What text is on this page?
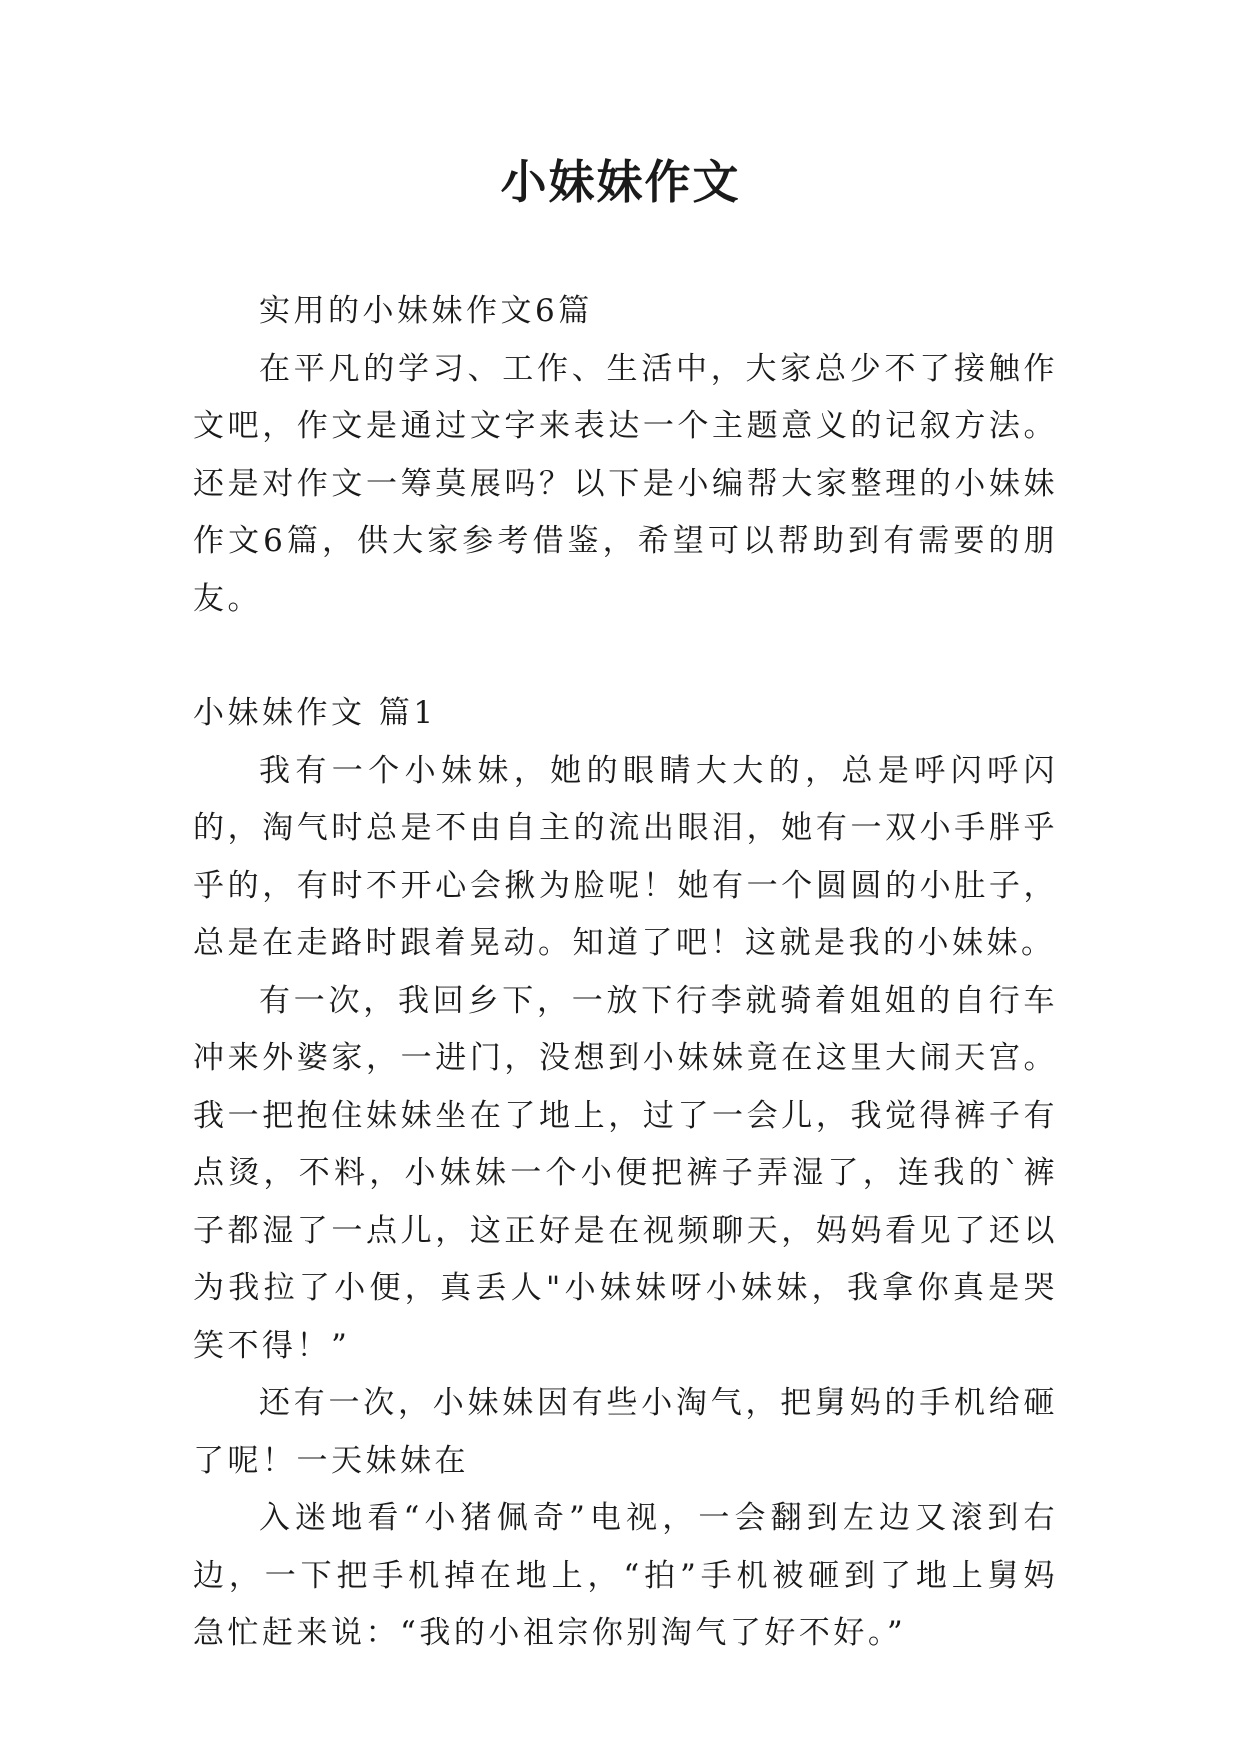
小妹妹作文

实用的小妹妹作文6篇

在平凡的学习、工作、生活中，大家总少不了接触作文吧，作文是通过文字来表达一个主题意义的记叙方法。还是对作文一筹莫展吗？以下是小编帮大家整理的小妹妹作文6篇，供大家参考借鉴，希望可以帮助到有需要的朋友。

小妹妹作文 篇1

我有一个小妹妹，她的眼睛大大的，总是呼闪呼闪的，淘气时总是不由自主的流出眼泪，她有一双小手胖乎乎的，有时不开心会揪为脸呢！她有一个圆圆的小肚子，总是在走路时跟着晃动。知道了吧！这就是我的小妹妹。

有一次，我回乡下，一放下行李就骑着姐姐的自行车冲来外婆家，一进门，没想到小妹妹竟在这里大闹天宫。我一把抱住妹妹坐在了地上，过了一会儿，我觉得裤子有点烫，不料，小妹妹一个小便把裤子弄湿了，连我的`裤子都湿了一点儿，这正好是在视频聊天，妈妈看见了还以为我拉了小便，真丢人"小妹妹呀小妹妹，我拿你真是哭笑不得！”

还有一次，小妹妹因有些小淘气，把舅妈的手机给砸了呢！一天妹妹在

入迷地看“小猪佩奇”电视，一会翻到左边又滚到右边，一下把手机掉在地上，“拍”手机被砸到了地上舅妈急忙赶来说：“我的小祖宗你别淘气了好不好。”
